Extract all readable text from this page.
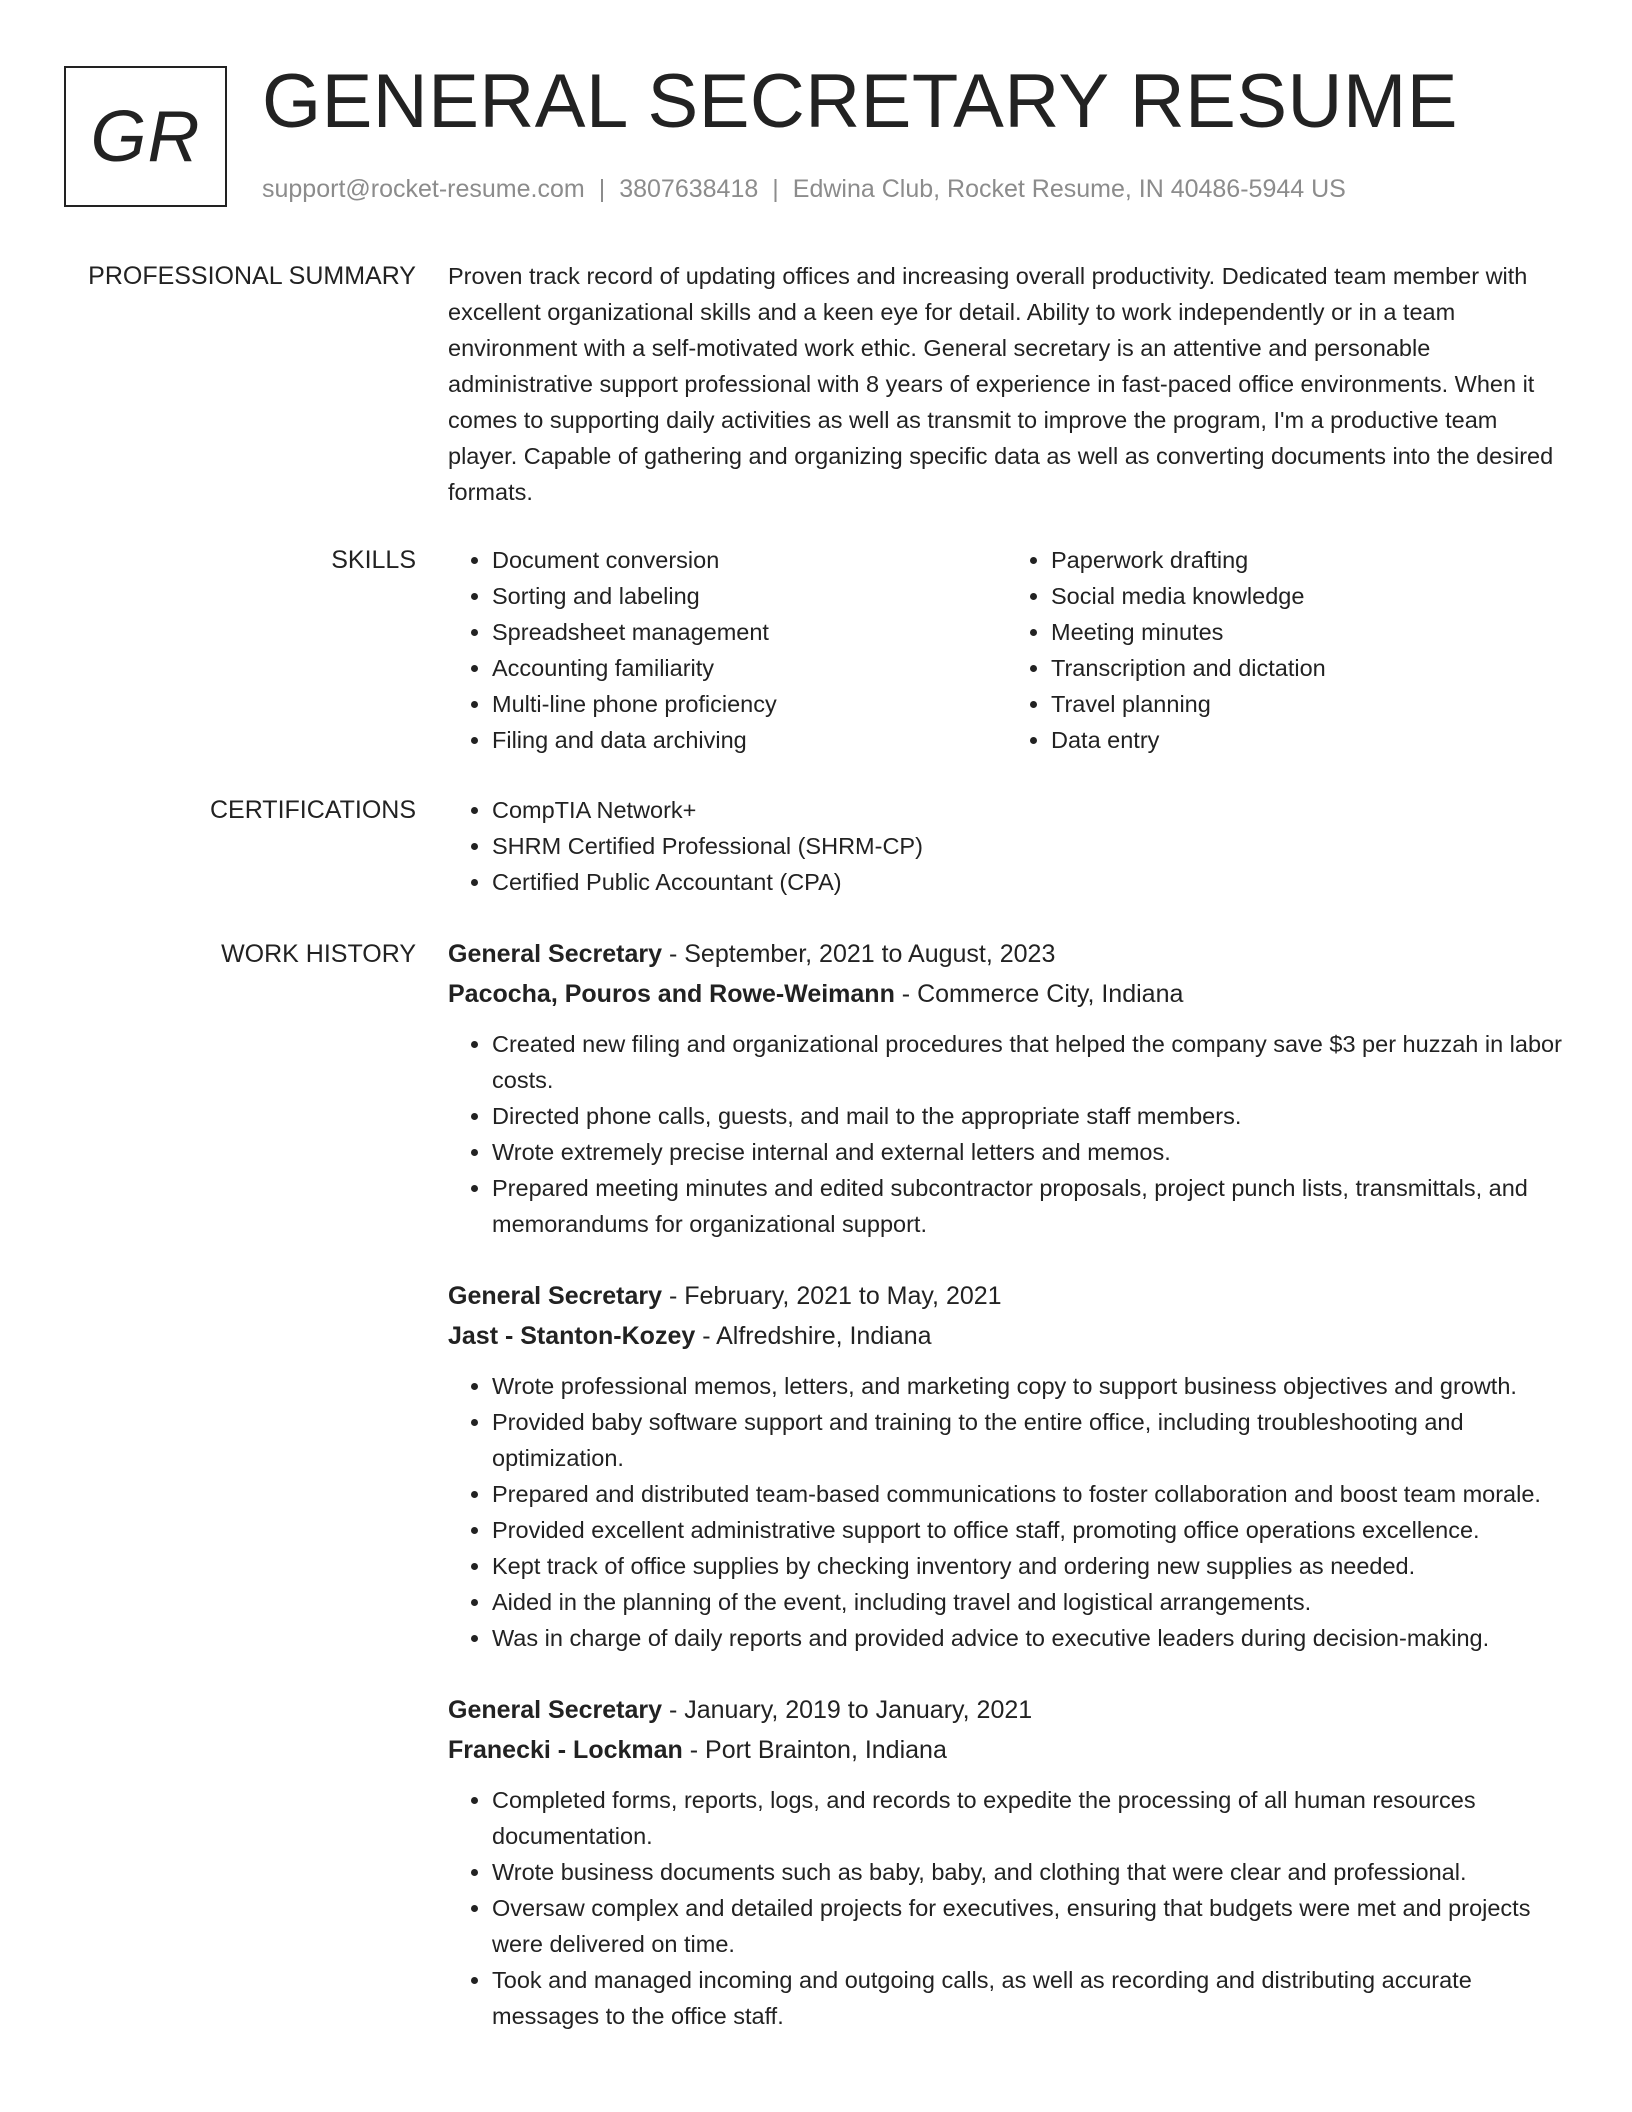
GR GENERAL SECRETARY RESUME
support@rocket-resume.com | 3807638418 | Edwina Club, Rocket Resume, IN 40486-5944 US
PROFESSIONAL SUMMARY Proven track record of updating offices and increasing overall productivity. Dedicated team member with excellent organizational skills and a keen eye for detail. Ability to work independently or in a team environment with a self-motivated work ethic. General secretary is an attentive and personable administrative support professional with 8 years of experience in fast-paced office environments. When it comes to supporting daily activities as well as transmit to improve the program, I'm a productive team player. Capable of gathering and organizing specific data as well as converting documents into the desired formats.

SKILLS	• Document conversion
• Sorting and labeling
• Spreadsheet management
• Accounting familiarity
• Multi-line phone proficiency
• Filing and data archiving
• Paperwork drafting
• Social media knowledge
• Meeting minutes
• Transcription and dictation
• Travel planning
• Data entry
CERTIFICATIONS	• CompTIA Network+
• SHRM Certified Professional (SHRM-CP)
• Certified Public Accountant (CPA)
WORK HISTORY General Secretary - September, 2021 to August, 2023
Pacocha, Pouros and Rowe-Weimann - Commerce City, Indiana
• Created new filing and organizational procedures that helped the company save $3 per huzzah in labor costs.
• Directed phone calls, guests, and mail to the appropriate staff members.
• Wrote extremely precise internal and external letters and memos.
• Prepared meeting minutes and edited subcontractor proposals, project punch lists, transmittals, and memorandums for organizational support.
General Secretary - February, 2021 to May, 2021
Jast - Stanton-Kozey - Alfredshire, Indiana
• Wrote professional memos, letters, and marketing copy to support business objectives and growth.
• Provided baby software support and training to the entire office, including troubleshooting and optimization.
• Prepared and distributed team-based communications to foster collaboration and boost team morale.
• Provided excellent administrative support to office staff, promoting office operations excellence.
• Kept track of office supplies by checking inventory and ordering new supplies as needed.
• Aided in the planning of the event, including travel and logistical arrangements.
• Was in charge of daily reports and provided advice to executive leaders during decision-making.
General Secretary - January, 2019 to January, 2021
Franecki - Lockman - Port Brainton, Indiana
• Completed forms, reports, logs, and records to expedite the processing of all human resources documentation.
• Wrote business documents such as baby, baby, and clothing that were clear and professional.
• Oversaw complex and detailed projects for executives, ensuring that budgets were met and projects were delivered on time.
• Took and managed incoming and outgoing calls, as well as recording and distributing accurate messages to the office staff.
